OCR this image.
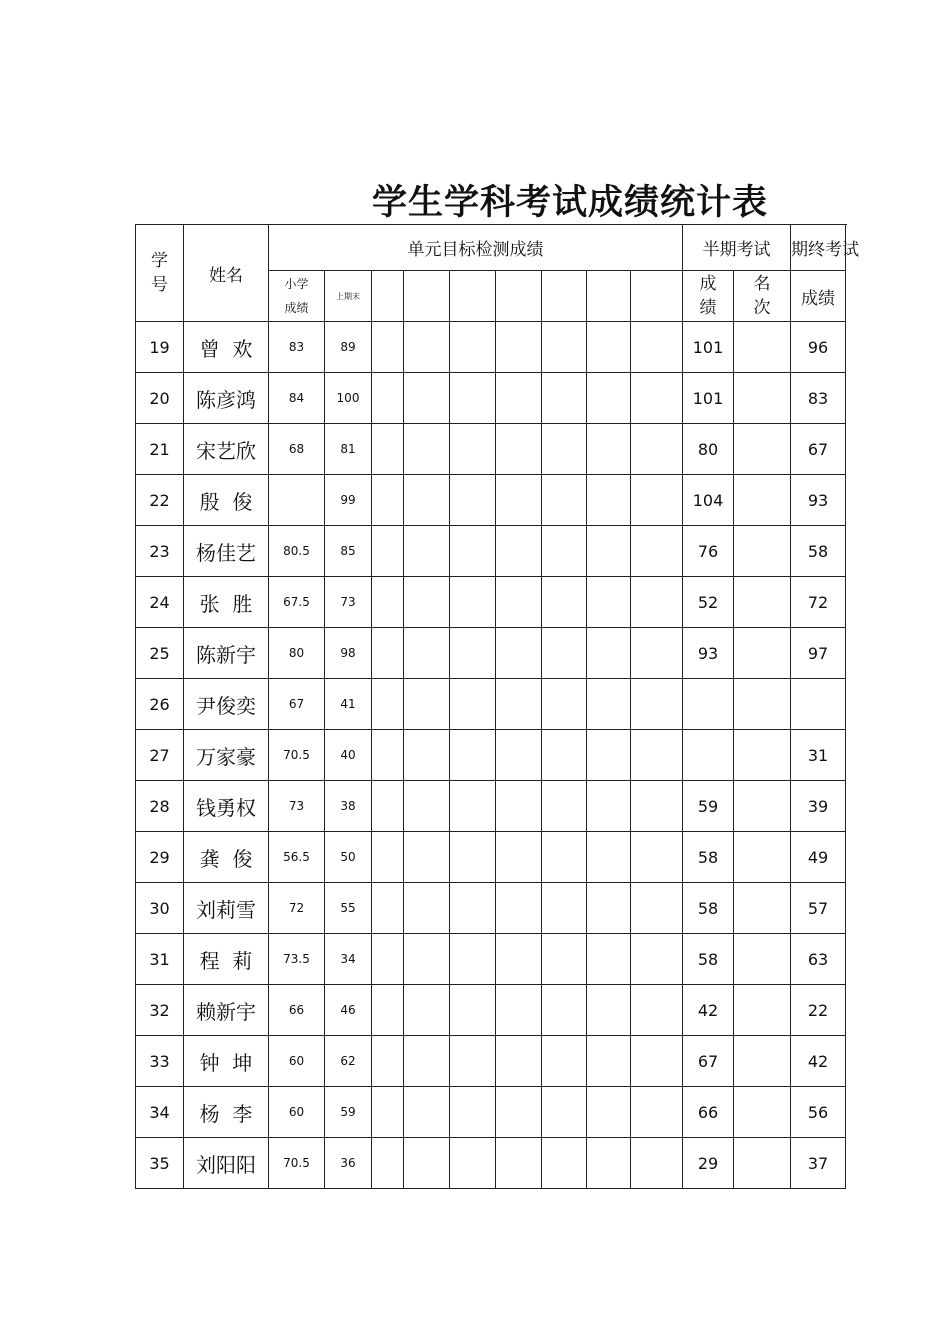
学生学科考试成绩统计表
学号	姓名	单元目标检测成绩									半期考试		期终考试	
		小学成绩	上期末								成绩	名次	成绩	
19	曾  欢	83	89								101		96	
20	陈彦鸿	84	100								101		83	
21	宋艺欣	68	81								80		67	
22	殷  俊		99								104		93	
23	杨佳艺	80.5	85								76		58	
24	张  胜	67.5	73								52		72	
25	陈新宇	80	98								93		97	
26	尹俊奕	67	41											
27	万家豪	70.5	40										31	
28	钱勇权	73	38								59		39	
29	龚  俊	56.5	50								58		49	
30	刘莉雪	72	55								58		57	
31	程  莉	73.5	34								58		63	
32	赖新宇	66	46								42		22	
33	钟  坤	60	62								67		42	
34	杨  李	60	59								66		56	
35	刘阳阳	70.5	36								29		37	
